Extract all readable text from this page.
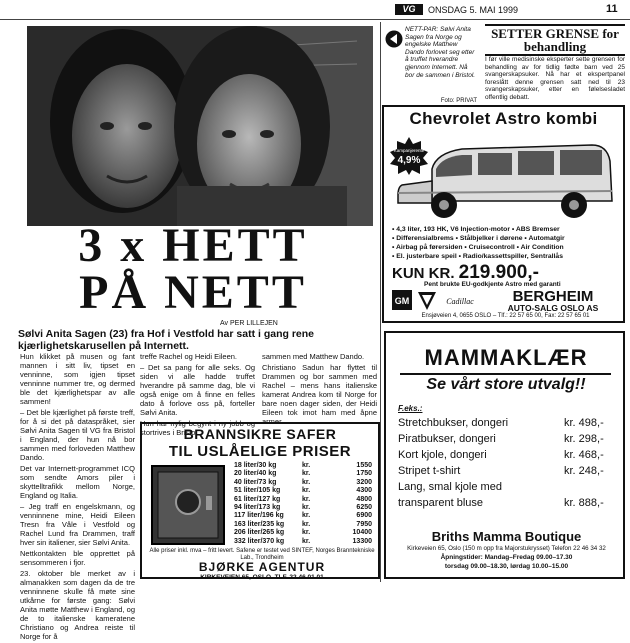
VG	ONSDAG 5. MAI 1999	11
3 x HETT
PÅ NETT
Av PER LILLEJEN
Sølvi Anita Sagen (23) fra Hof i Vestfold har satt i gang rene kjærlighetskarusellen på Internett.

Hun klikket på musen og fant mannen i sitt liv, tipset en venninne, som igjen tipset venninne nummer tre, og dermed ble det kjærlighetspar av alle sammen!

– Det ble kjærlighet på første treff, for å si det på dataspråket, sier Sølvi Anita Sagen til VG fra Bristol i England, der hun nå bor sammen med forloveden Matthew Dando.

Det var Internett-programmet ICQ som sendte Amors piler i skyttelltrafikk mellom Norge, England og Italia.

– Jeg traff en engelskmann, og venninnene mine, Heidi Eileen Tresn fra Våle i Vestfold og Rachel Lund fra Drammen, traff hver sin italiener, sier Sølvi Anita.

Nettkontakten ble opprettet på sensommeren i fjor.

23. oktober ble merket av i almanakken som dagen da de tre venninnene skulle få møte sine utkårne for første gang: Sølvi Anita møtte Matthew i England, og de to italienske kameratene Christiano og Andrea reiste til Norge for å

treffe Rachel og Heidi Eileen.

– Det sa pang for alle seks. Og siden vi alle hadde truffet hverandre på samme dag, ble vi også enige om å finne en felles dato å forlove oss på, forteller Sølvi Anita.

Hun har nylig begynt i ny jobb og stortrives i Bristol

sammen med Matthew Dando.

Christiano Sadun har flyttet til Drammen og bor sammen med Rachel – mens hans italienske kamerat Andrea kom til Norge for bare noen dager siden, der Heidi Eileen tok imot ham med åpne armer.

BRANNSIKRE SAFER
TIL USLÅELIGE PRISER
18 liter/30 kg	kr.	1550
20 liter/40 kg	kr.	1750
40 liter/73 kg	kr.	3200
51 liter/105 kg	kr.	4300
61 liter/127 kg	kr.	4800
94 liter/173 kg	kr.	6250
117 liter/196 kg	kr.	6900
163 liter/235 kg	kr.	7950
206 liter/265 kg	kr.	10400
332 liter/370 kg	kr.	13300
Alle priser inkl. mva – fritt levert. Safene er testet ved SINTEF, Norges Branntekniske Lab., Trondheim
BJØRKE AGENTUR
KIRKEVEIEN 65, OSLO. TLF. 22 46 01 01
NETT-PAR: Sølvi Anita Sagen fra Norge og engelske Matthew Dando forlovet seg etter å truffet hverandre gjennom Internett. Nå bor de sammen i Bristol.
Foto: PRIVAT
SETTER GRENSE for behandling
I før ville medisinske eksperter sette grensen for behandling av for tidlig fødte barn ved 25 svangerskapsuker. Nå har et ekspertpanel foreslått denne grensen satt ned til 23 svangerskapsuker, etter en følelsesladet offentlig debatt.
Chevrolet Astro kombi
Kampanjerente
4,9%
• 4,3 liter, 193 HK, V6 Injection-motor • ABS Bremser
• Differensialbrems • Stålbjelker i dørene • Automatgir
• Airbag på førersiden • Cruisecontroll • Air Condition
• El. justerbare speil • Radio/kassettspiller, Sentrallås
KUN KR. 219.900,-
Pent brukte EU-godkjente Astro med garanti
GM	Cadillac	BERGHEIM
AUTO-SALG OSLO AS
Ensjøveien 4, 0655 OSLO – Tlf.: 22 57 65 00, Fax: 22 57 65 01
MAMMAKLÆR
Se vårt store utvalg!!
F.eks.:
Stretchbukser, dongeri	kr. 498,-
Piratbukser, dongeri	kr. 298,-
Kort kjole, dongeri	kr. 468,-
Stripet t-shirt	kr. 248,-
Lang, smal kjole med
transparent bluse	kr. 888,-
Briths Mamma Boutique
Kirkeveien 65, Oslo (150 m opp fra Majorstukrysset) Telefon 22 46 34 32
Åpningstider: Mandag–Fredag 09.00–17.30
torsdag 09.00–18.30, lørdag 10.00–15.00
